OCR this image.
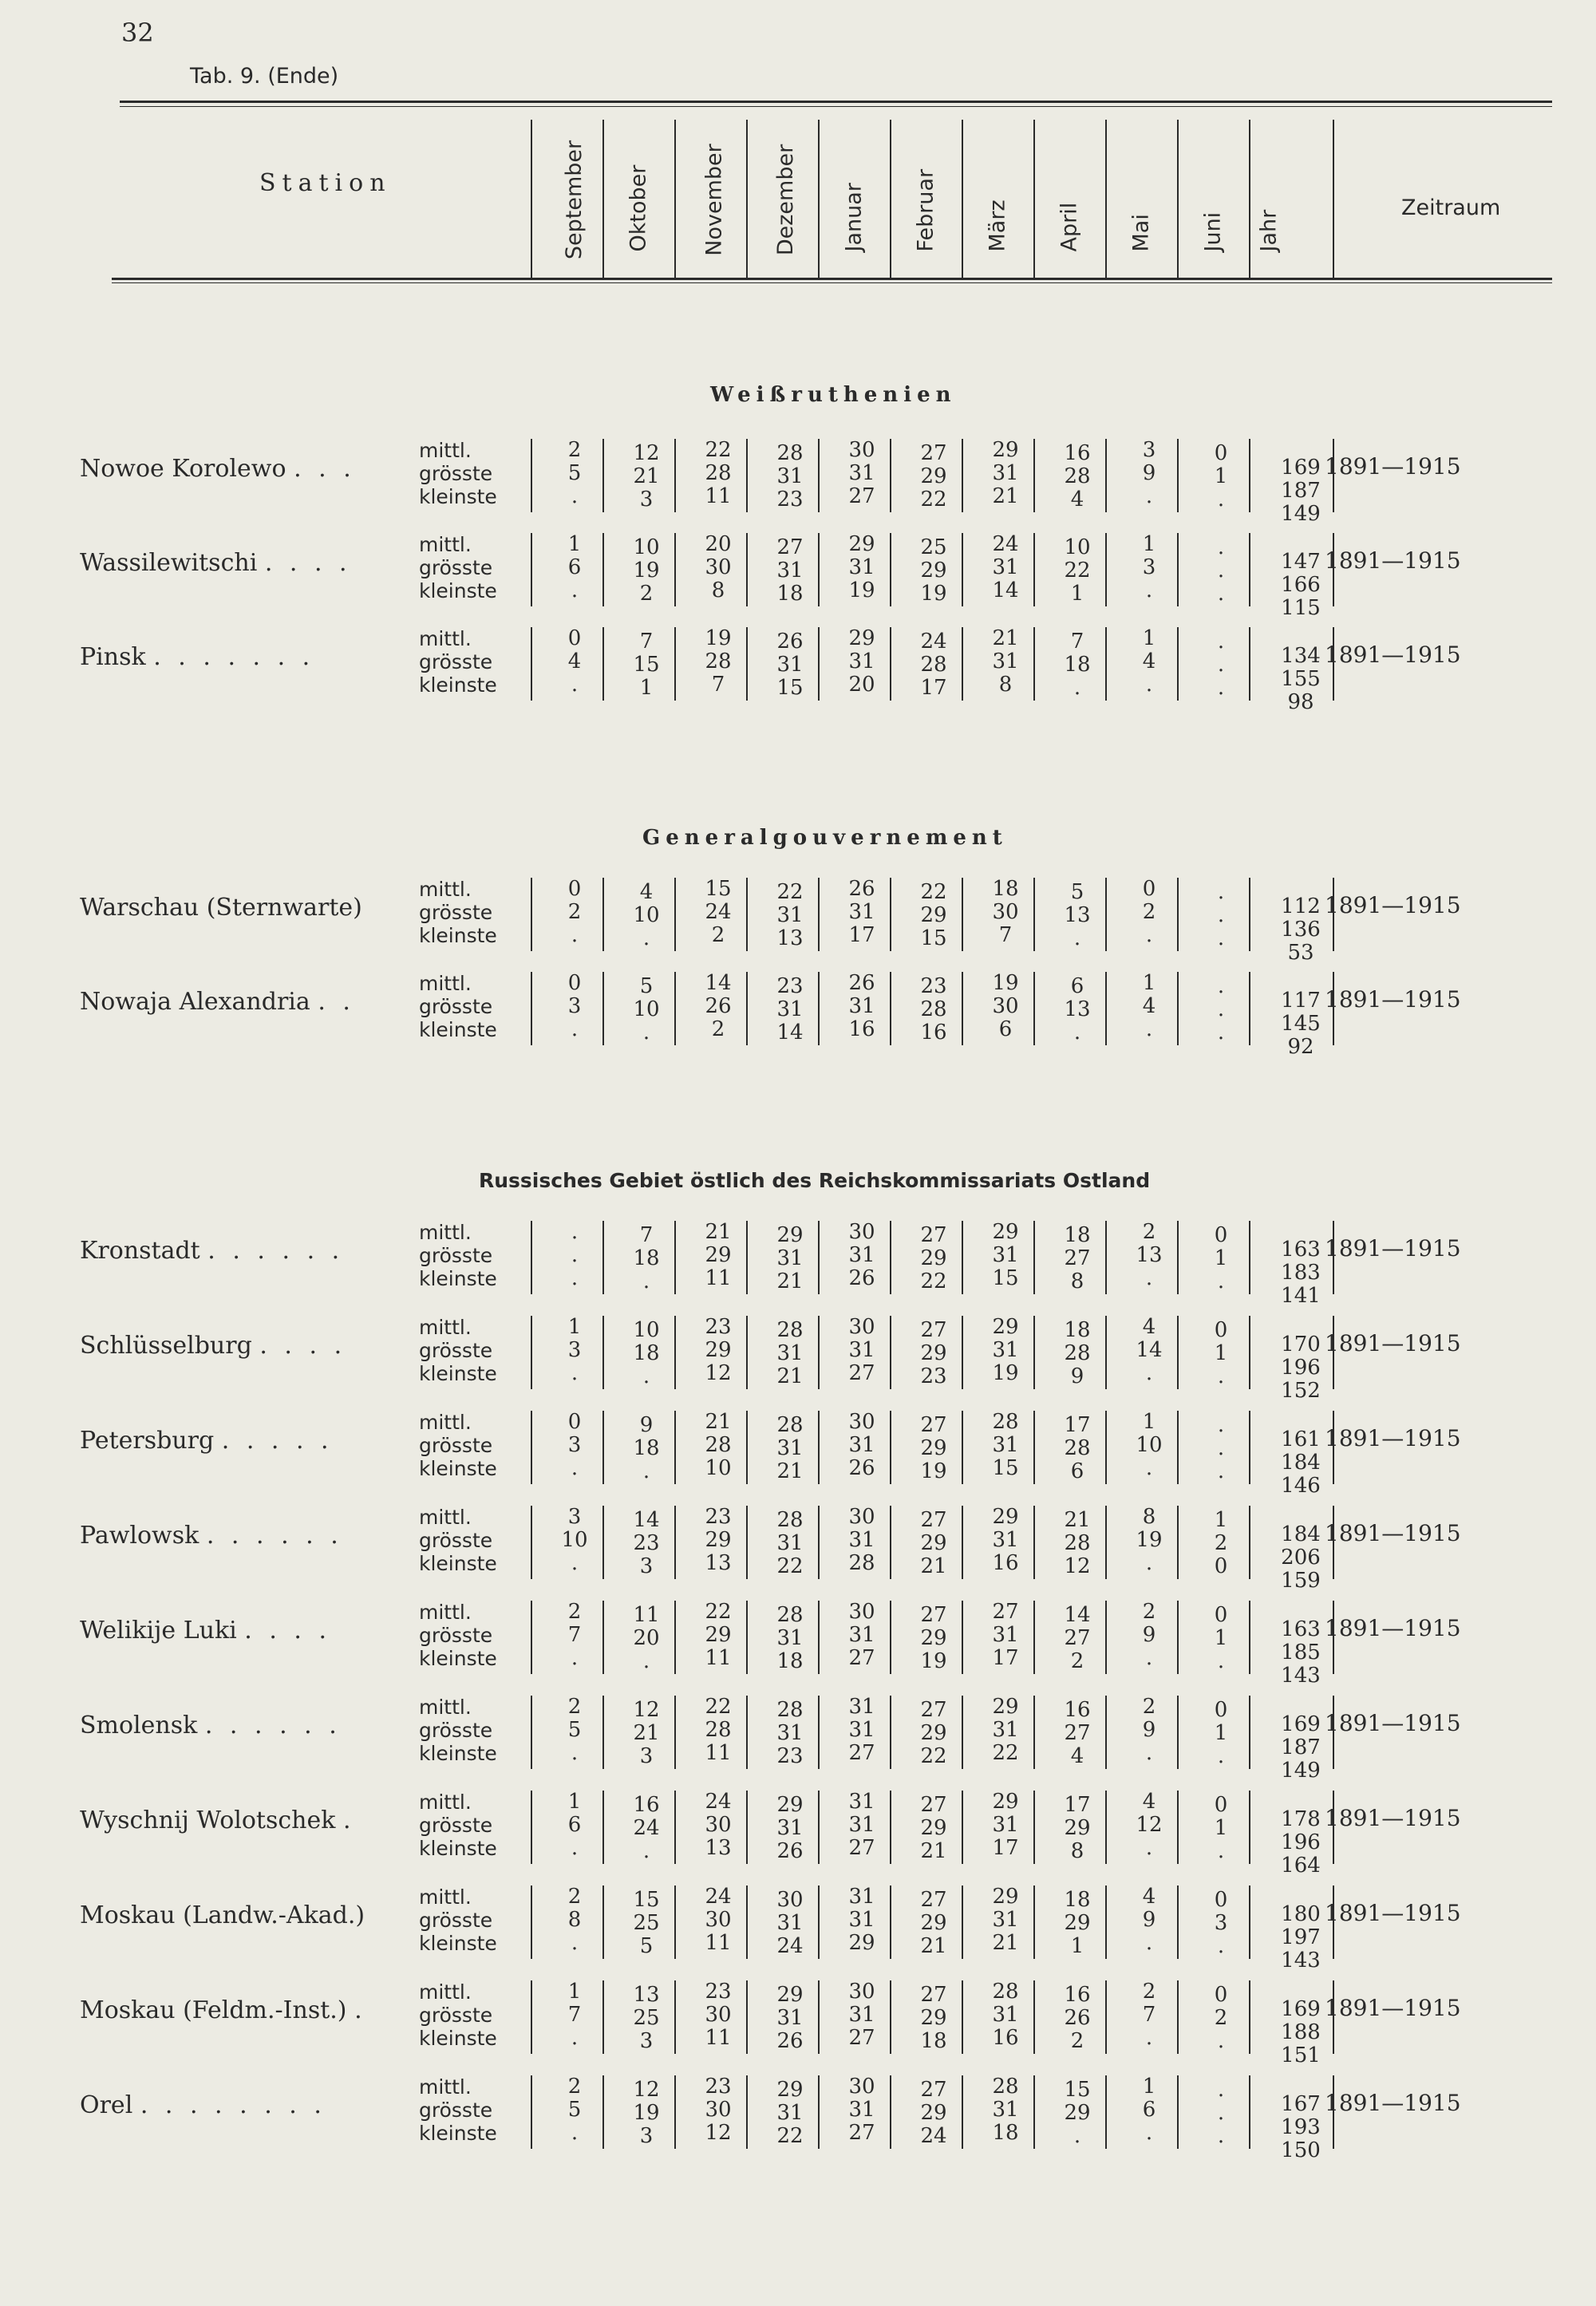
32
Tab. 9. (Ende)
Station
Zeitraum
September Oktober November Dezember Januar Februar März April Mai Juni Jahr
Weißruthenien
Nowoe Korolewo . . .
mittl.
grösste
kleinste
2
5
.
12
21
3
22
28
11
28
31
23
30
31
27
27
29
22
29
31
21
16
28
4
3
9
.
0
1
.
169
187
149
1891—1915
Wassilewitschi . . . .
mittl.
grösste
kleinste
1
6
.
10
19
2
20
30
8
27
31
18
29
31
19
25
29
19
24
31
14
10
22
1
1
3
.
.
.
.
147
166
115
1891—1915
Pinsk . . . . . . .
mittl.
grösste
kleinste
0
4
.
7
15
1
19
28
7
26
31
15
29
31
20
24
28
17
21
31
8
7
18
.
1
4
.
.
.
.
134
155
98
1891—1915
Generalgouvernement
Warschau (Sternwarte)
mittl.
grösste
kleinste
0
2
.
4
10
.
15
24
2
22
31
13
26
31
17
22
29
15
18
30
7
5
13
.
0
2
.
.
.
.
112
136
53
1891—1915
Nowaja Alexandria . .
mittl.
grösste
kleinste
0
3
.
5
10
.
14
26
2
23
31
14
26
31
16
23
28
16
19
30
6
6
13
.
1
4
.
.
.
.
117
145
92
1891—1915
Russisches Gebiet östlich des Reichskommissariats Ostland
Kronstadt . . . . . .
mittl.
grösste
kleinste
.
.
.
7
18
.
21
29
11
29
31
21
30
31
26
27
29
22
29
31
15
18
27
8
2
13
.
0
1
.
163
183
141
1891—1915
Schlüsselburg . . . .
mittl.
grösste
kleinste
1
3
.
10
18
.
23
29
12
28
31
21
30
31
27
27
29
23
29
31
19
18
28
9
4
14
.
0
1
.
170
196
152
1891—1915
Petersburg . . . . .
mittl.
grösste
kleinste
0
3
.
9
18
.
21
28
10
28
31
21
30
31
26
27
29
19
28
31
15
17
28
6
1
10
.
.
.
.
161
184
146
1891—1915
Pawlowsk . . . . . .
mittl.
grösste
kleinste
3
10
.
14
23
3
23
29
13
28
31
22
30
31
28
27
29
21
29
31
16
21
28
12
8
19
.
1
2
0
184
206
159
1891—1915
Welikije Luki . . . .
mittl.
grösste
kleinste
2
7
.
11
20
.
22
29
11
28
31
18
30
31
27
27
29
19
27
31
17
14
27
2
2
9
.
0
1
.
163
185
143
1891—1915
Smolensk . . . . . .
mittl.
grösste
kleinste
2
5
.
12
21
3
22
28
11
28
31
23
31
31
27
27
29
22
29
31
22
16
27
4
2
9
.
0
1
.
169
187
149
1891—1915
Wyschnij Wolotschek .
mittl.
grösste
kleinste
1
6
.
16
24
.
24
30
13
29
31
26
31
31
27
27
29
21
29
31
17
17
29
8
4
12
.
0
1
.
178
196
164
1891—1915
Moskau (Landw.-Akad.)
mittl.
grösste
kleinste
2
8
.
15
25
5
24
30
11
30
31
24
31
31
29
27
29
21
29
31
21
18
29
1
4
9
.
0
3
.
180
197
143
1891—1915
Moskau (Feldm.-Inst.) .
mittl.
grösste
kleinste
1
7
.
13
25
3
23
30
11
29
31
26
30
31
27
27
29
18
28
31
16
16
26
2
2
7
.
0
2
.
169
188
151
1891—1915
Orel . . . . . . . .
mittl.
grösste
kleinste
2
5
.
12
19
3
23
30
12
29
31
22
30
31
27
27
29
24
28
31
18
15
29
.
1
6
.
.
.
.
167
193
150
1891—1915
